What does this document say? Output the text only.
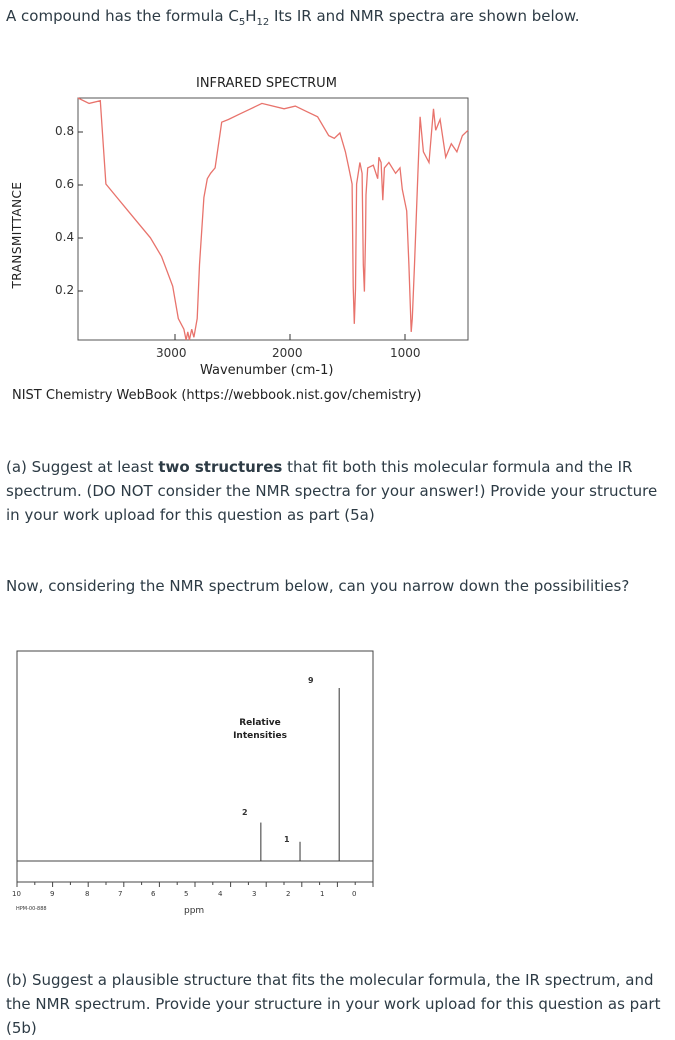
A compound has the formula $C_5H_{12}$ Its IR and NMR spectra are shown below.

INFRARED SPECTRUM
TRANSMITTANCE
0.8
0.6
0.4
0.2
3000	2000	1000
Wavenumber (cm-1)
NIST Chemistry WebBook (https://webbook.nist.gov/chemistry)

(a) Suggest at least two structures that fit both this molecular formula and the IR spectrum. (DO NOT consider the NMR spectra for your answer!) Provide your structure in your work upload for this question as part (5a)

Now, considering the NMR spectrum below, can you narrow down the possibilities?

Relative
Intensities
9
2
1
10	9	8	7	6	5	4	3	2	1	0
HPM-00-888	ppm

(b) Suggest a plausible structure that fits the molecular formula, the IR spectrum, and the NMR spectrum. Provide your structure in your work upload for this question as part (5b)
